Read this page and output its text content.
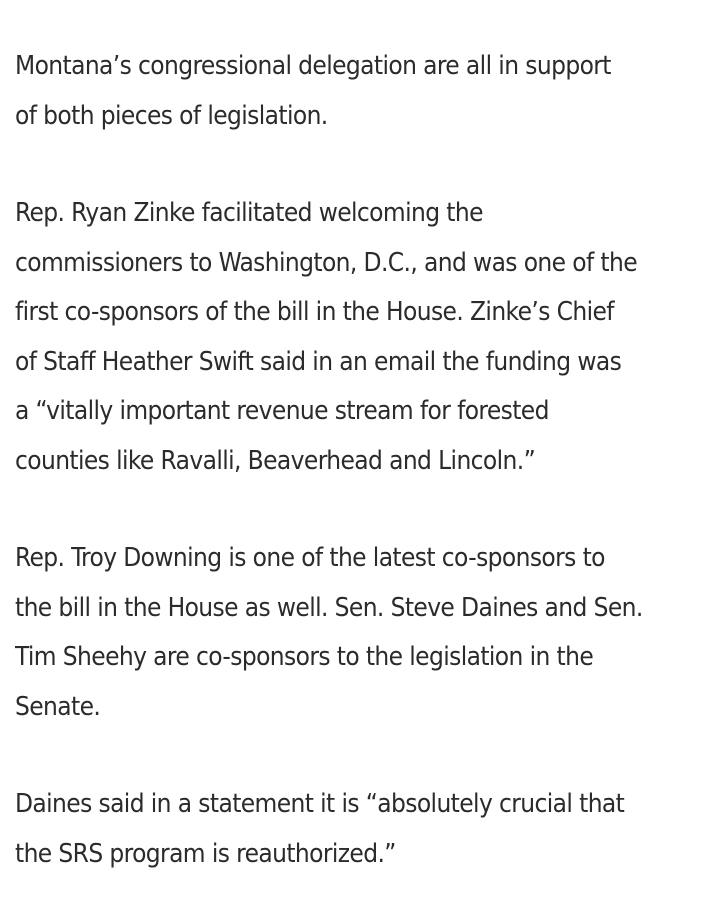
Montana’s congressional delegation are all in support
of both pieces of legislation.

Rep. Ryan Zinke facilitated welcoming the
commissioners to Washington, D.C., and was one of the
first co-sponsors of the bill in the House. Zinke’s Chief
of Staff Heather Swift said in an email the funding was
a “vitally important revenue stream for forested
counties like Ravalli, Beaverhead and Lincoln.”

Rep. Troy Downing is one of the latest co-sponsors to
the bill in the House as well. Sen. Steve Daines and Sen.
Tim Sheehy are co-sponsors to the legislation in the
Senate.

Daines said in a statement it is “absolutely crucial that
the SRS program is reauthorized.”
